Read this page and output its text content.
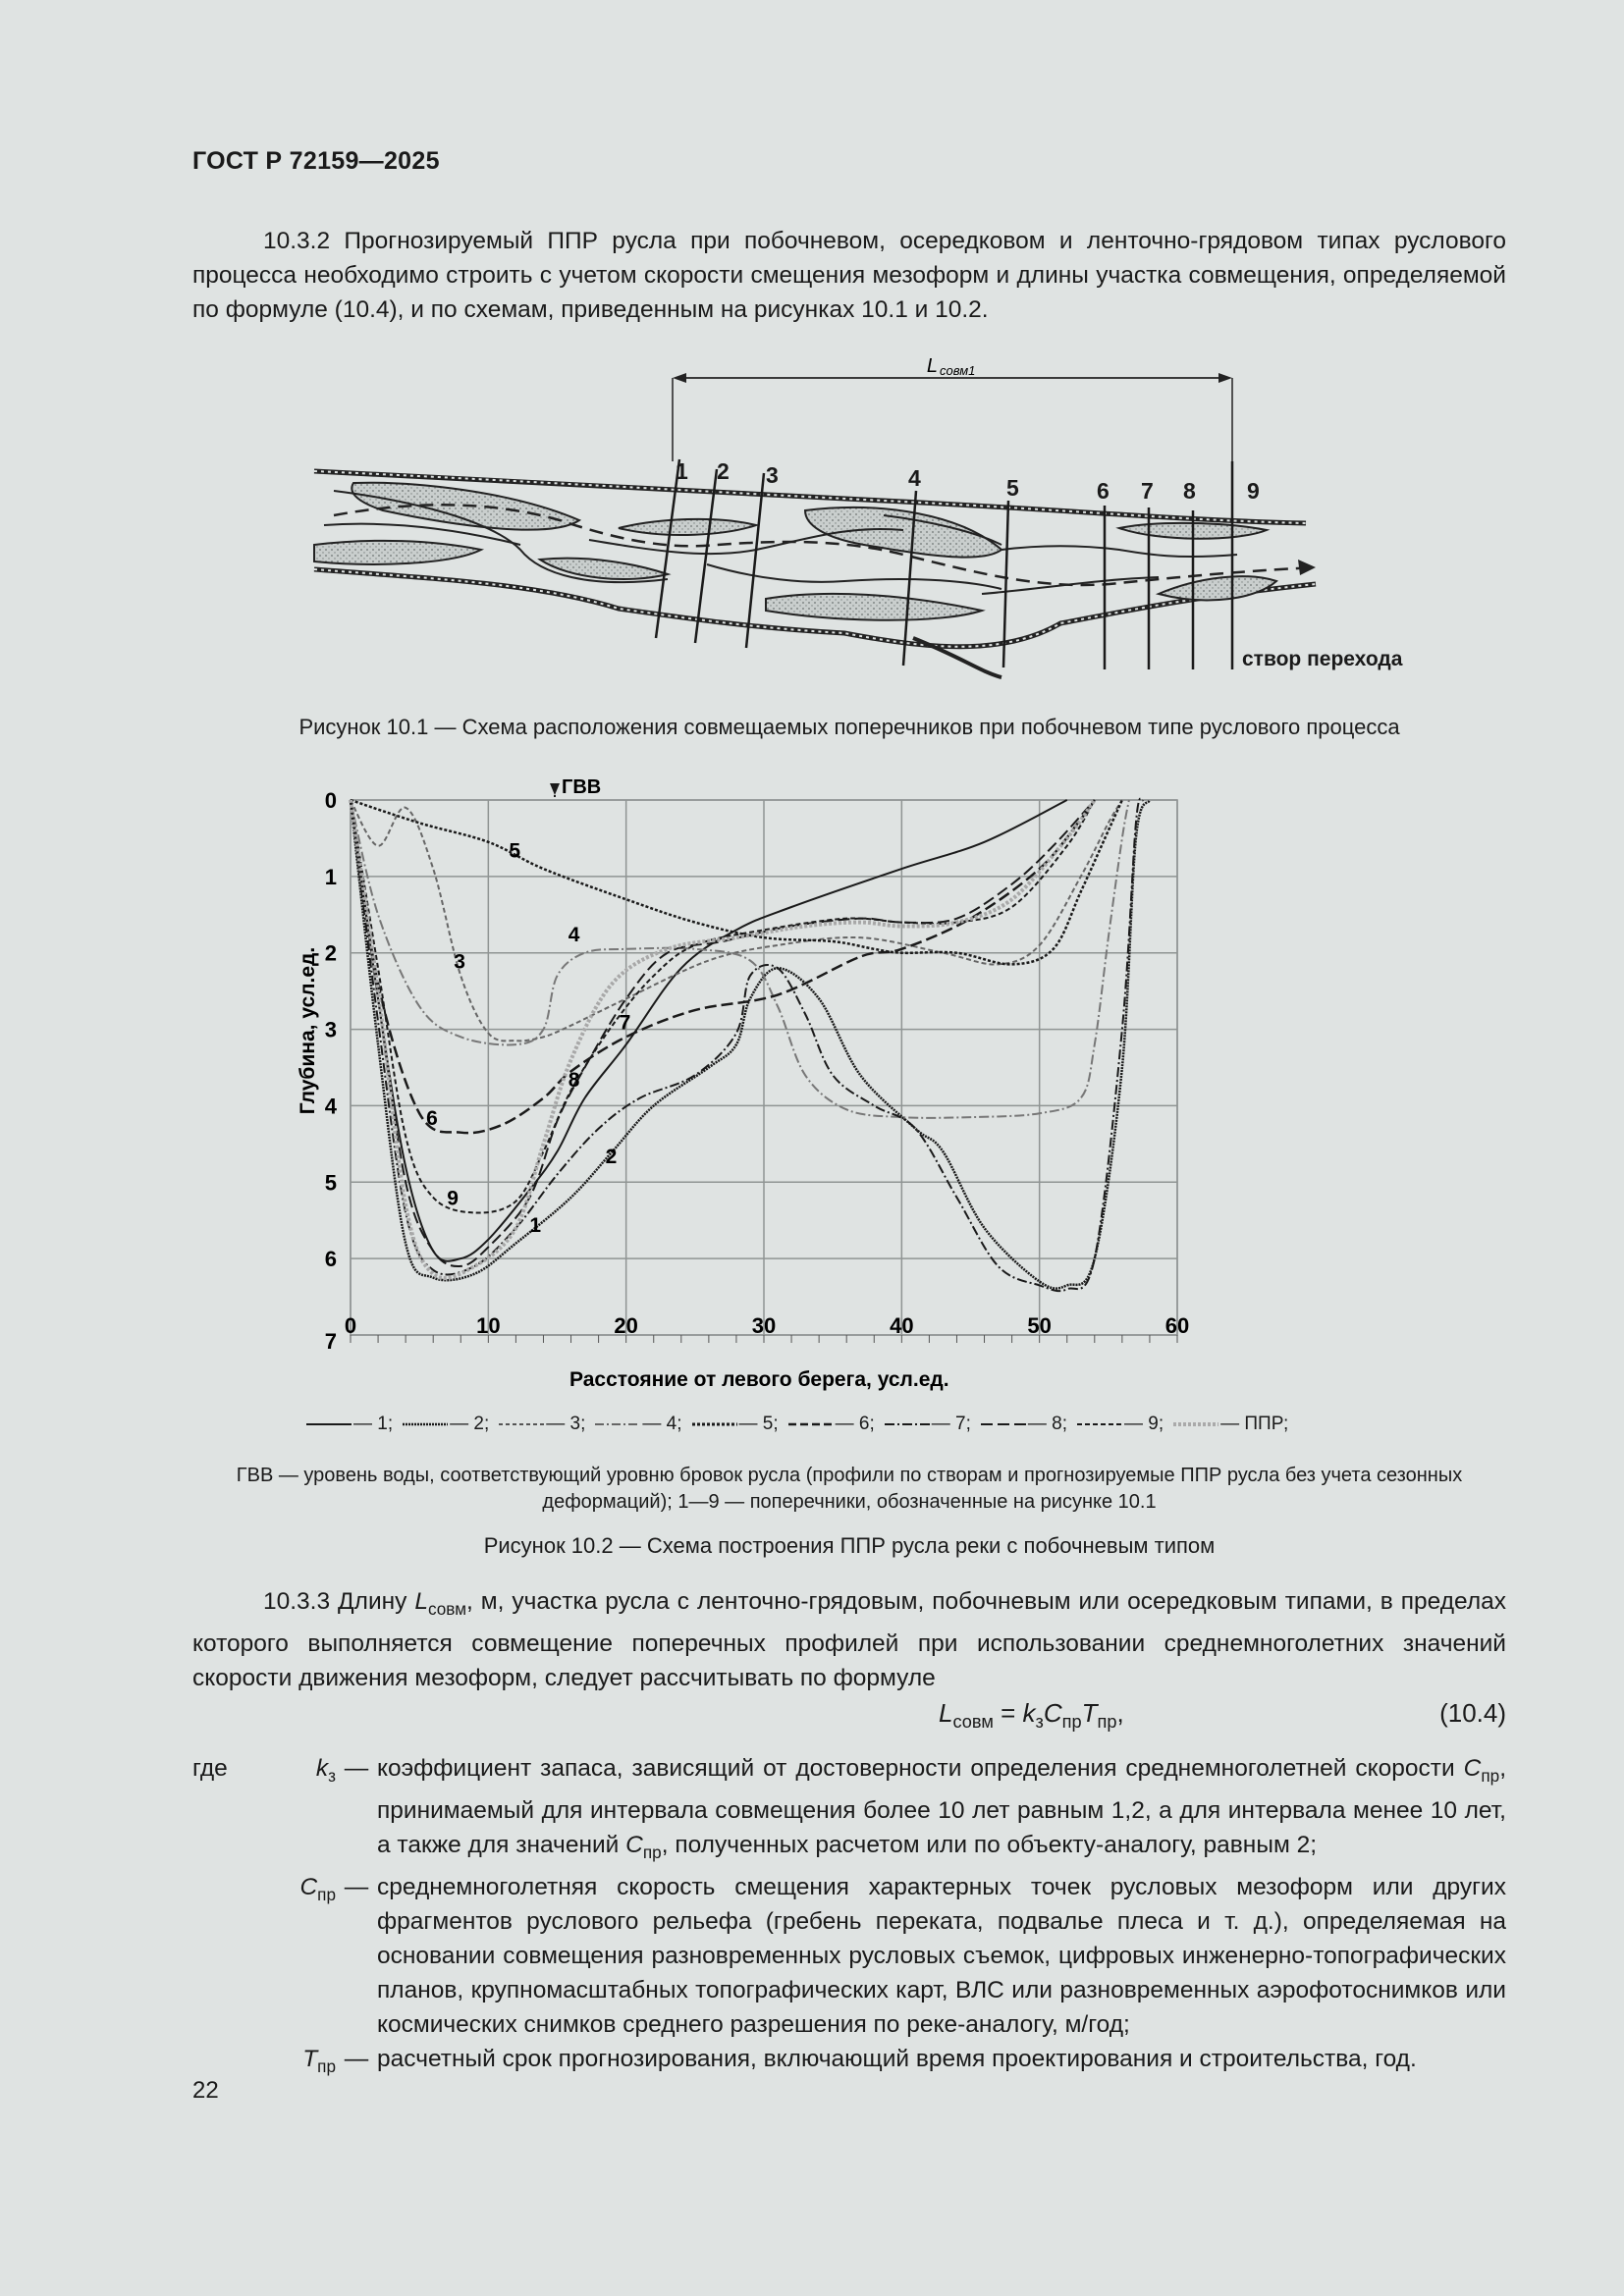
ГОСТ Р 72159—2025

10.3.2 Прогнозируемый ППР русла при побочневом, осередковом и ленточно-грядовом типах руслового процесса необходимо строить с учетом скорости смещения мезоформ и длины участка совмещения, определяемой по формуле (10.4), и по схемам, приведенным на рисунках 10.1 и 10.2.

L совм1
1 2 3	4	5	6 7 8 9
створ перехода
Рисунок 10.1 — Схема расположения совмещаемых поперечников при побочневом типе руслового процесса
0	10	20	30	40	50	60
0
1
2
3
4
5
6
7
1
2
3
4
5
6
7
8
9
ГВВ
Расстояние от левого берега, усл.ед.
Глубина, усл.ед.
— 1;	— 2;	— 3;	— 4;	— 5;	— 6;	— 7;	— 8;	— 9;	— ППР;
ГВВ — уровень воды, соответствующий уровню бровок русла (профили по створам и прогнозируемые ППР русла без учета сезонных деформаций); 1—9 — поперечники, обозначенные на рисунке 10.1
Рисунок 10.2 — Схема построения ППР русла реки с побочневым типом

10.3.3 Длину $L_{совм}$, м, участка русла с ленточно-грядовым, побочневым или осередковым типами, в пределах которого выполняется совмещение поперечных профилей при использовании среднемноголетних значений скорости движения мезоформ, следует рассчитывать по формуле

$L_{совм} = k_зC_{пр}T_{пр}$,	(10.4)
где	$k_з$ — коэффициент запаса, зависящий от достоверности определения среднемноголетней скорости $C_{пр}$, принимаемый для интервала совмещения более 10 лет равным 1,2, а для интервала менее 10 лет, а также для значений $C_{пр}$, полученных расчетом или по объекту-аналогу, равным 2;
$C_{пр}$ — среднемноголетняя скорость смещения характерных точек русловых мезоформ или других фрагментов руслового рельефа (гребень переката, подвалье плеса и т. д.), определяемая на основании совмещения разновременных русловых съемок, цифровых инженерно-топографических планов, крупномасштабных топографических карт, ВЛС или разновременных аэрофотоснимков или космических снимков среднего разрешения по реке-аналогу, м/год;
$T_{пр}$ — расчетный срок прогнозирования, включающий время проектирования и строительства, год.
22
